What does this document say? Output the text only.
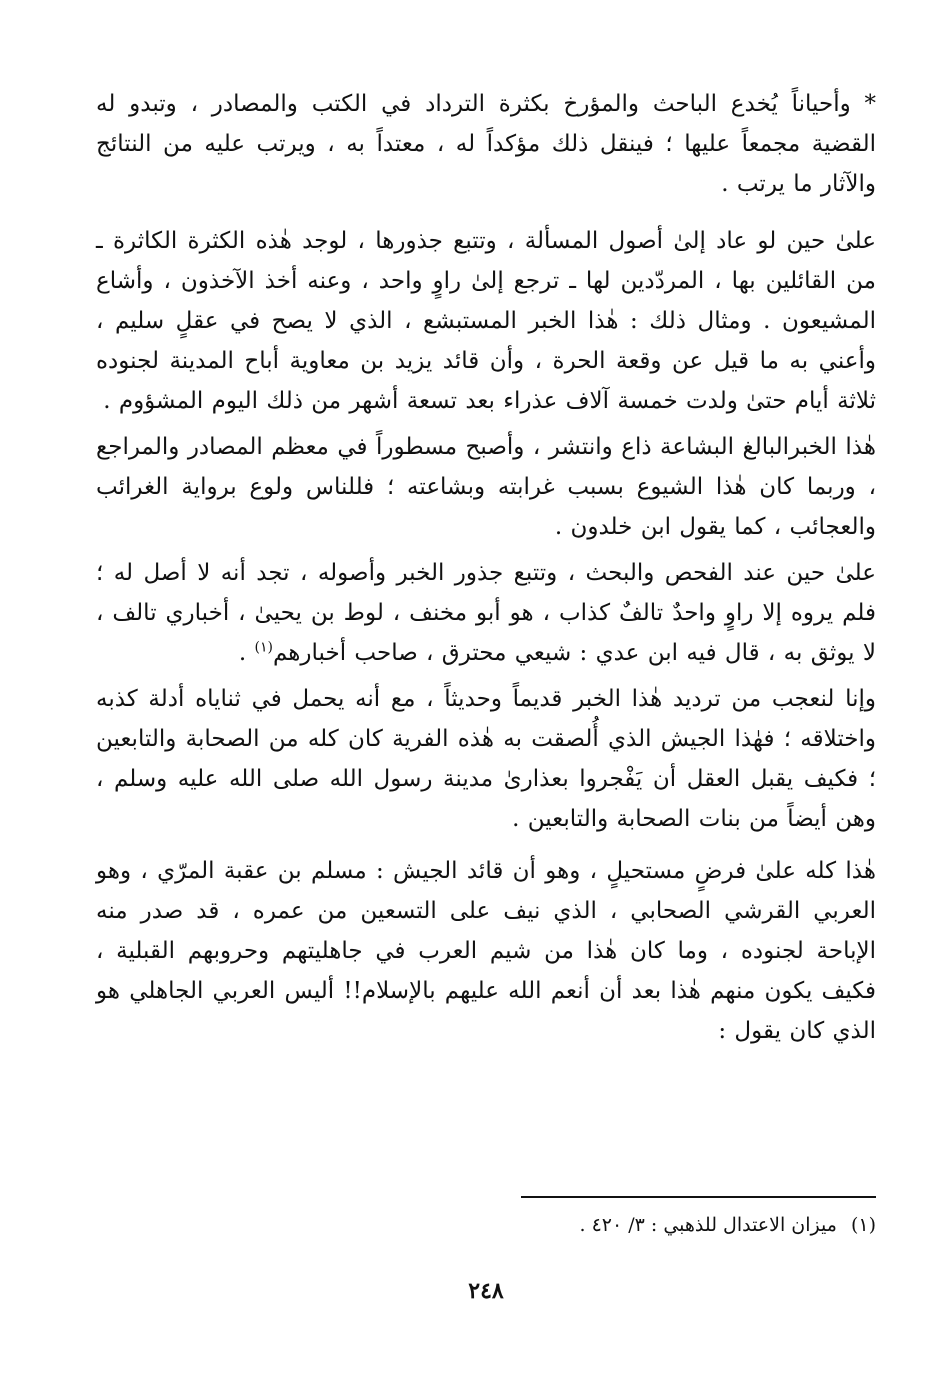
* وأحياناً يُخدع الباحث والمؤرخ بكثرة الترداد في الكتب والمصادر ، وتبدو له القضية مجمعاً عليها ؛ فينقل ذلك مؤكداً له ، معتداً به ، ويرتب عليه من النتائج والآثار ما يرتب .

علىٰ حين لو عاد إلىٰ أصول المسألة ، وتتبع جذورها ، لوجد هٰذه الكثرة الكاثرة ـ من القائلين بها ، المردّدين لها ـ ترجع إلىٰ راوٍ واحد ، وعنه أخذ الآخذون ، وأشاع المشيعون . ومثال ذلك : هٰذا الخبر المستبشع ، الذي لا يصح في عقلٍ سليم ، وأعني به ما قيل عن وقعة الحرة ، وأن قائد يزيد بن معاوية أباح المدينة لجنوده ثلاثة أيام حتىٰ ولدت خمسة آلاف عذراء بعد تسعة أشهر من ذلك اليوم المشؤوم .

هٰذا الخبرالبالغ البشاعة ذاع وانتشر ، وأصبح مسطوراً في معظم المصادر والمراجع ، وربما كان هٰذا الشيوع بسبب غرابته وبشاعته ؛ فللناس ولوع برواية الغرائب والعجائب ، كما يقول ابن خلدون .

علىٰ حين عند الفحص والبحث ، وتتبع جذور الخبر وأصوله ، تجد أنه لا أصل له ؛ فلم يروه إلا راوٍ واحدٌ تالفٌ كذاب ، هو أبو مخنف ، لوط بن يحيىٰ ، أخباري تالف ، لا يوثق به ، قال فيه ابن عدي : شيعي محترق ، صاحب أخبارهم$^{(١)}$ .

وإنا لنعجب من ترديد هٰذا الخبر قديماً وحديثاً ، مع أنه يحمل في ثناياه أدلة كذبه واختلاقه ؛ فهٰذا الجيش الذي أُلصقت به هٰذه الفرية كان كله من الصحابة والتابعين ؛ فكيف يقبل العقل أن يَفْجروا بعذارىٰ مدينة رسول الله صلى الله عليه وسلم ، وهن أيضاً من بنات الصحابة والتابعين .

هٰذا كله علىٰ فرضٍ مستحيلٍ ، وهو أن قائد الجيش : مسلم بن عقبة المرّي ، وهو العربي القرشي الصحابي ، الذي نيف على التسعين من عمره ، قد صدر منه الإباحة لجنوده ، وما كان هٰذا من شيم العرب في جاهليتهم وحروبهم القبلية ، فكيف يكون منهم هٰذا بعد أن أنعم الله عليهم بالإسلام!! أليس العربي الجاهلي هو الذي كان يقول :

(١)ميزان الاعتدال للذهبي : ٣/ ٤٢٠ .

٢٤٨
